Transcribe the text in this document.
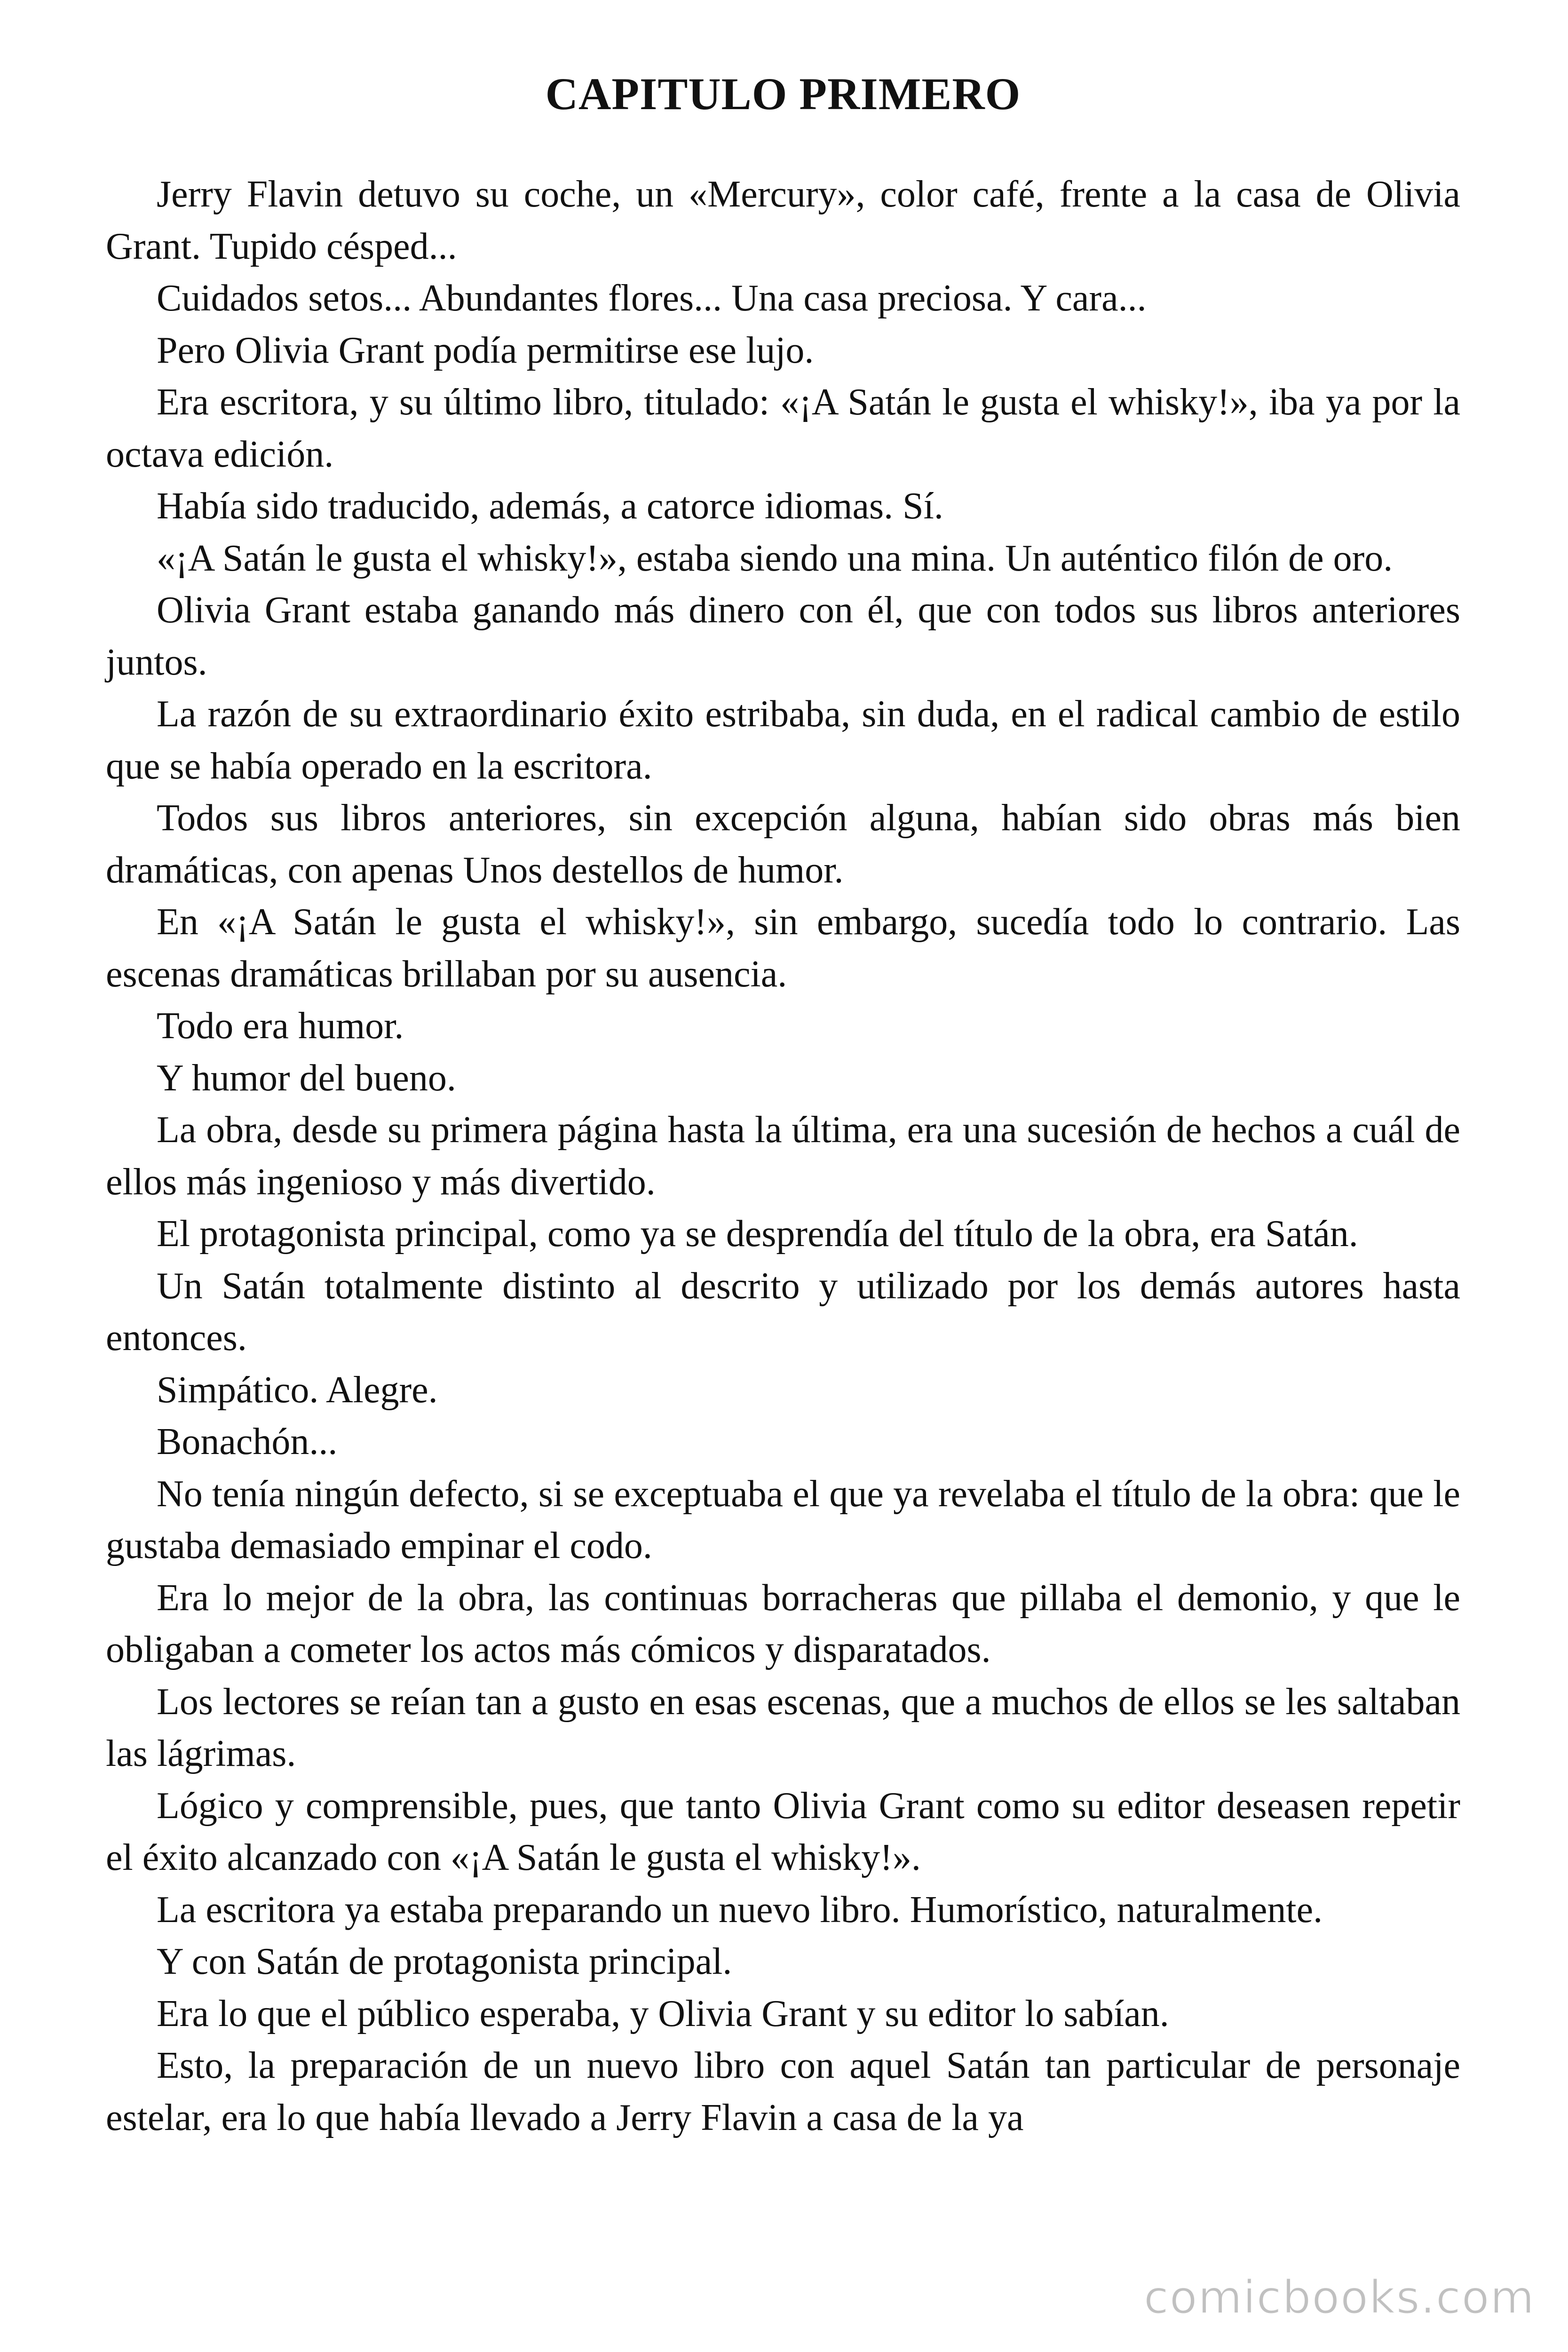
CAPITULO PRIMERO

Jerry Flavin detuvo su coche, un «Mercury», color café, frente a la casa de Olivia Grant. Tupido césped...

Cuidados setos... Abundantes flores... Una casa preciosa. Y cara...

Pero Olivia Grant podía permitirse ese lujo.

Era escritora, y su último libro, titulado: «¡A Satán le gusta el whisky!», iba ya por la octava edición.

Había sido traducido, además, a catorce idiomas. Sí.

«¡A Satán le gusta el whisky!», estaba siendo una mina. Un auténtico filón de oro.

Olivia Grant estaba ganando más dinero con él, que con todos sus libros anteriores juntos.

La razón de su extraordinario éxito estribaba, sin duda, en el radical cambio de estilo que se había operado en la escritora.

Todos sus libros anteriores, sin excepción alguna, habían sido obras más bien dramáticas, con apenas Unos destellos de humor.

En «¡A Satán le gusta el whisky!», sin embargo, sucedía todo lo contrario. Las escenas dramáticas brillaban por su ausencia.

Todo era humor.

Y humor del bueno.

La obra, desde su primera página hasta la última, era una sucesión de hechos a cuál de ellos más ingenioso y más divertido.

El protagonista principal, como ya se desprendía del título de la obra, era Satán.

Un Satán totalmente distinto al descrito y utilizado por los demás autores hasta entonces.

Simpático. Alegre.

Bonachón...

No tenía ningún defecto, si se exceptuaba el que ya revelaba el título de la obra: que le gustaba demasiado empinar el codo.

Era lo mejor de la obra, las continuas borracheras que pillaba el demonio, y que le obligaban a cometer los actos más cómicos y disparatados.

Los lectores se reían tan a gusto en esas escenas, que a muchos de ellos se les saltaban las lágrimas.

Lógico y comprensible, pues, que tanto Olivia Grant como su editor deseasen repetir el éxito alcanzado con «¡A Satán le gusta el whisky!».

La escritora ya estaba preparando un nuevo libro. Humorístico, naturalmente.

Y con Satán de protagonista principal.

Era lo que el público esperaba, y Olivia Grant y su editor lo sabían.

Esto, la preparación de un nuevo libro con aquel Satán tan particular de personaje estelar, era lo que había llevado a Jerry Flavin a casa de la ya

comicbooks.com
